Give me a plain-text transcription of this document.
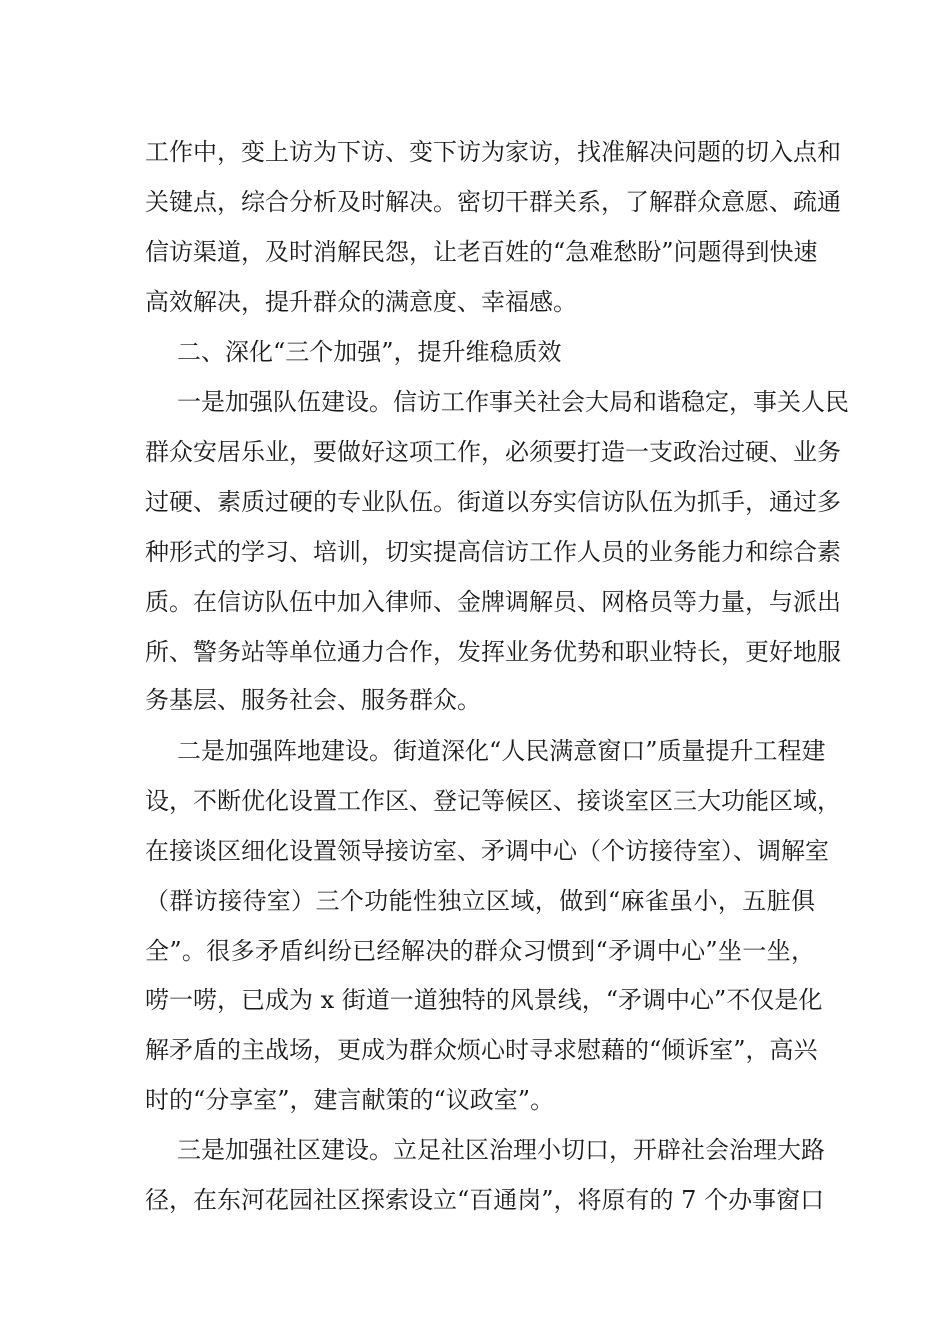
工作中，变上访为下访、变下访为家访，找准解决问题的切入点和
关键点，综合分析及时解决。密切干群关系，了解群众意愿、疏通
信访渠道，及时消解民怨，让老百姓的“急难愁盼”问题得到快速
高效解决，提升群众的满意度、幸福感。
二、深化“三个加强”，提升维稳质效
一是加强队伍建设。信访工作事关社会大局和谐稳定，事关人民
群众安居乐业，要做好这项工作，必须要打造一支政治过硬、业务
过硬、素质过硬的专业队伍。街道以夯实信访队伍为抓手，通过多
种形式的学习、培训，切实提高信访工作人员的业务能力和综合素
质。在信访队伍中加入律师、金牌调解员、网格员等力量，与派出
所、警务站等单位通力合作，发挥业务优势和职业特长，更好地服
务基层、服务社会、服务群众。
二是加强阵地建设。街道深化“人民满意窗口”质量提升工程建
设，不断优化设置工作区、登记等候区、接谈室区三大功能区域，
在接谈区细化设置领导接访室、矛调中心（个访接待室）、调解室
（群访接待室）三个功能性独立区域，做到“麻雀虽小，五脏俱
全”。很多矛盾纠纷已经解决的群众习惯到“矛调中心”坐一坐，
唠一唠，已成为 x 街道一道独特的风景线，“矛调中心”不仅是化
解矛盾的主战场，更成为群众烦心时寻求慰藉的“倾诉室”，高兴
时的“分享室”，建言献策的“议政室”。
三是加强社区建设。立足社区治理小切口，开辟社会治理大路
径，在东河花园社区探索设立“百通岗”，将原有的 7 个办事窗口
